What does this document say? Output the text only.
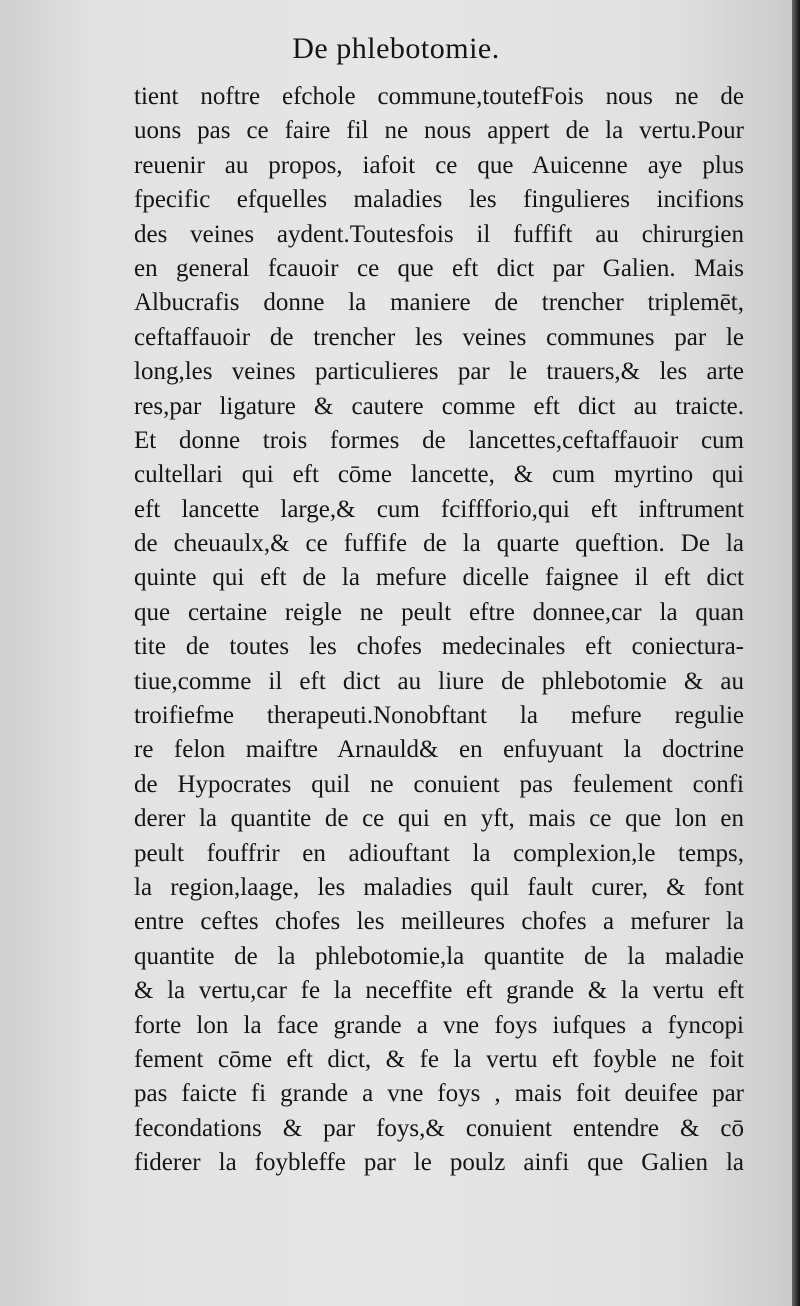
De phlebotomie.
tient noftre efchole commune,toutefFois nous ne de
uons pas ce faire fil ne nous appert de la vertu.Pour
reuenir au propos, iafoit ce que Auicenne aye plus
fpecific efquelles maladies les fingulieres incifions
des veines aydent.Toutesfois il fuffift au chirurgien
en general fcauoir ce que eft dict par Galien. Mais
Albucrafis donne la maniere de trencher triplemēt,
ceftaffauoir de trencher les veines communes par le
long,les veines particulieres par le trauers,& les arte
res,par ligature & cautere comme eft dict au traicte.
Et donne trois formes de lancettes,ceftaffauoir cum
cultellari qui eft cōme lancette, & cum myrtino qui
eft lancette large,& cum fciffforio,qui eft inftrument
de cheuaulx,& ce fuffife de la quarte queftion. De la
quinte qui eft de la mefure dicelle faignee il eft dict
que certaine reigle ne peult eftre donnee,car la quan
tite de toutes les chofes medecinales eft coniectura-
tiue,comme il eft dict au liure de phlebotomie & au
troifiefme therapeuti.Nonobftant la mefure regulie
re felon maiftre Arnauld& en enfuyuant la doctrine
de Hypocrates quil ne conuient pas feulement confi
derer la quantite de ce qui en yft, mais ce que lon en
peult fouffrir en adiouftant la complexion,le temps,
la region,laage, les maladies quil fault curer, & font
entre ceftes chofes les meilleures chofes a mefurer la
quantite de la phlebotomie,la quantite de la maladie
& la vertu,car fe la neceffite eft grande & la vertu eft
forte lon la face grande a vne foys iufques a fyncopi
fement cōme eft dict, & fe la vertu eft foyble ne foit
pas faicte fi grande a vne foys , mais foit deuifee par
fecondations & par foys,& conuient entendre & cō
fiderer la foybleffe par le poulz ainfi que Galien la
